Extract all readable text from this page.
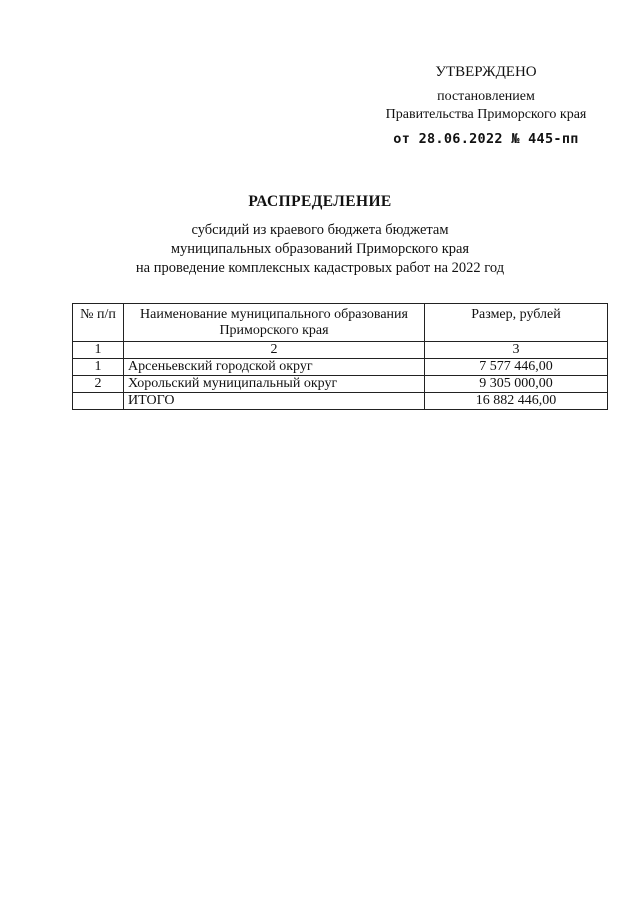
УТВЕРЖДЕНО
постановлением
Правительства Приморского края
от 28.06.2022 № 445-пп
РАСПРЕДЕЛЕНИЕ
субсидий из краевого бюджета бюджетам
муниципальных образований Приморского края
на проведение комплексных кадастровых работ на 2022 год
№ п/п	Наименование муниципального образования Приморского края	Размер, рублей
1	2	3
1	Арсеньевский городской округ	7 577 446,00
2	Хорольский муниципальный округ	9 305 000,00
	ИТОГО	16 882 446,00
